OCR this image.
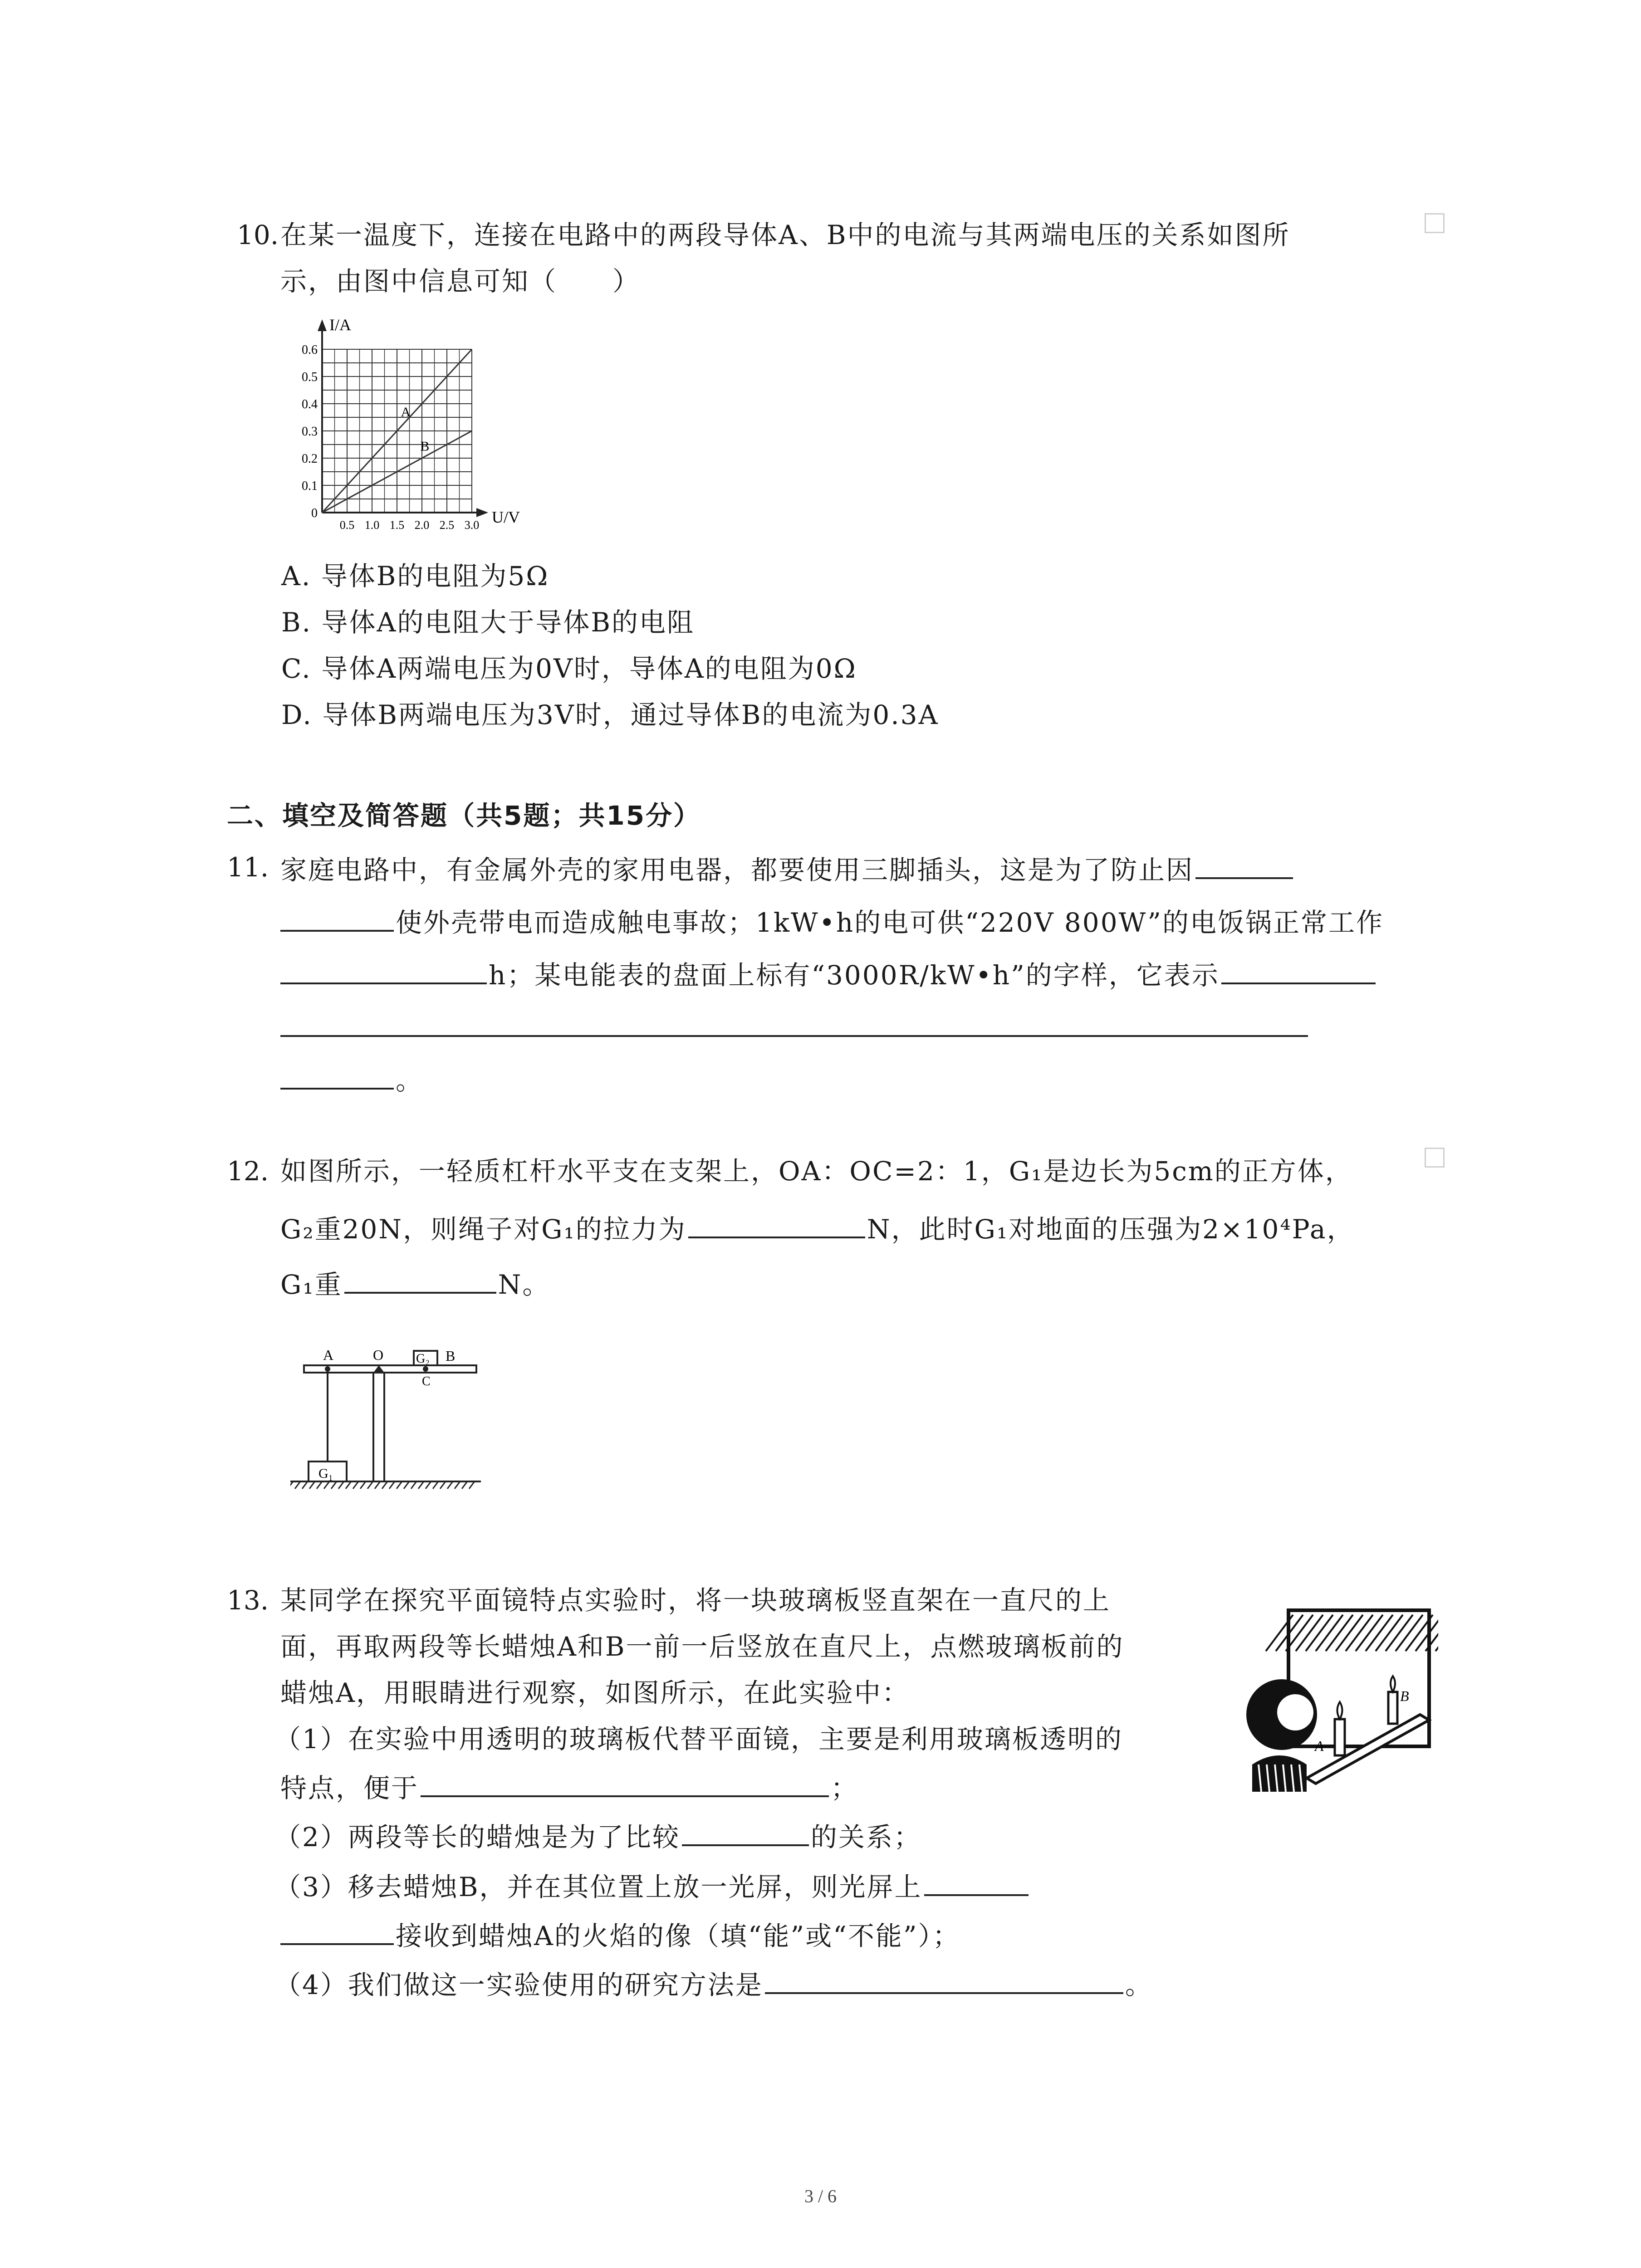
10. 在某一温度下，连接在电路中的两段导体A、B中的电流与其两端电压的关系如图所
示，由图中信息可知（　　）
A
B
0.6
0.5
0.4
0.3
0.2
0.1
0
0.5 1.0 1.5 2.0 2.5 3.0
I/A
U/V
A. 导体B的电阻为5Ω
B. 导体A的电阻大于导体B的电阻
C. 导体A两端电压为0V时，导体A的电阻为0Ω
D. 导体B两端电压为3V时，通过导体B的电流为0.3A
二、填空及简答题（共5题；共15分）
11. 家庭电路中，有金属外壳的家用电器，都要使用三脚插头，这是为了防止因
使外壳带电而造成触电事故；1kW•h的电可供“220V 800W”的电饭锅正常工作
h；某电能表的盘面上标有“3000R/kW•h”的字样，它表示
。
12. 如图所示，一轻质杠杆水平支在支架上，OA：OC=2：1，G₁是边长为5cm的正方体，
G₂重20N，则绳子对G₁的拉力为	N，此时G₁对地面的压强为2×10⁴Pa，
G₁重	N。
A	O	G₂ B
C
G₁
13. 某同学在探究平面镜特点实验时，将一块玻璃板竖直架在一直尺的上
面，再取两段等长蜡烛A和B一前一后竖放在直尺上，点燃玻璃板前的
蜡烛A，用眼睛进行观察，如图所示，在此实验中：
（1）在实验中用透明的玻璃板代替平面镜，主要是利用玻璃板透明的
特点，便于	；
（2）两段等长的蜡烛是为了比较	的关系；
（3）移去蜡烛B，并在其位置上放一光屏，则光屏上
接收到蜡烛A的火焰的像（填“能”或“不能”）；
（4）我们做这一实验使用的研究方法是	。
B
A
3 / 6
